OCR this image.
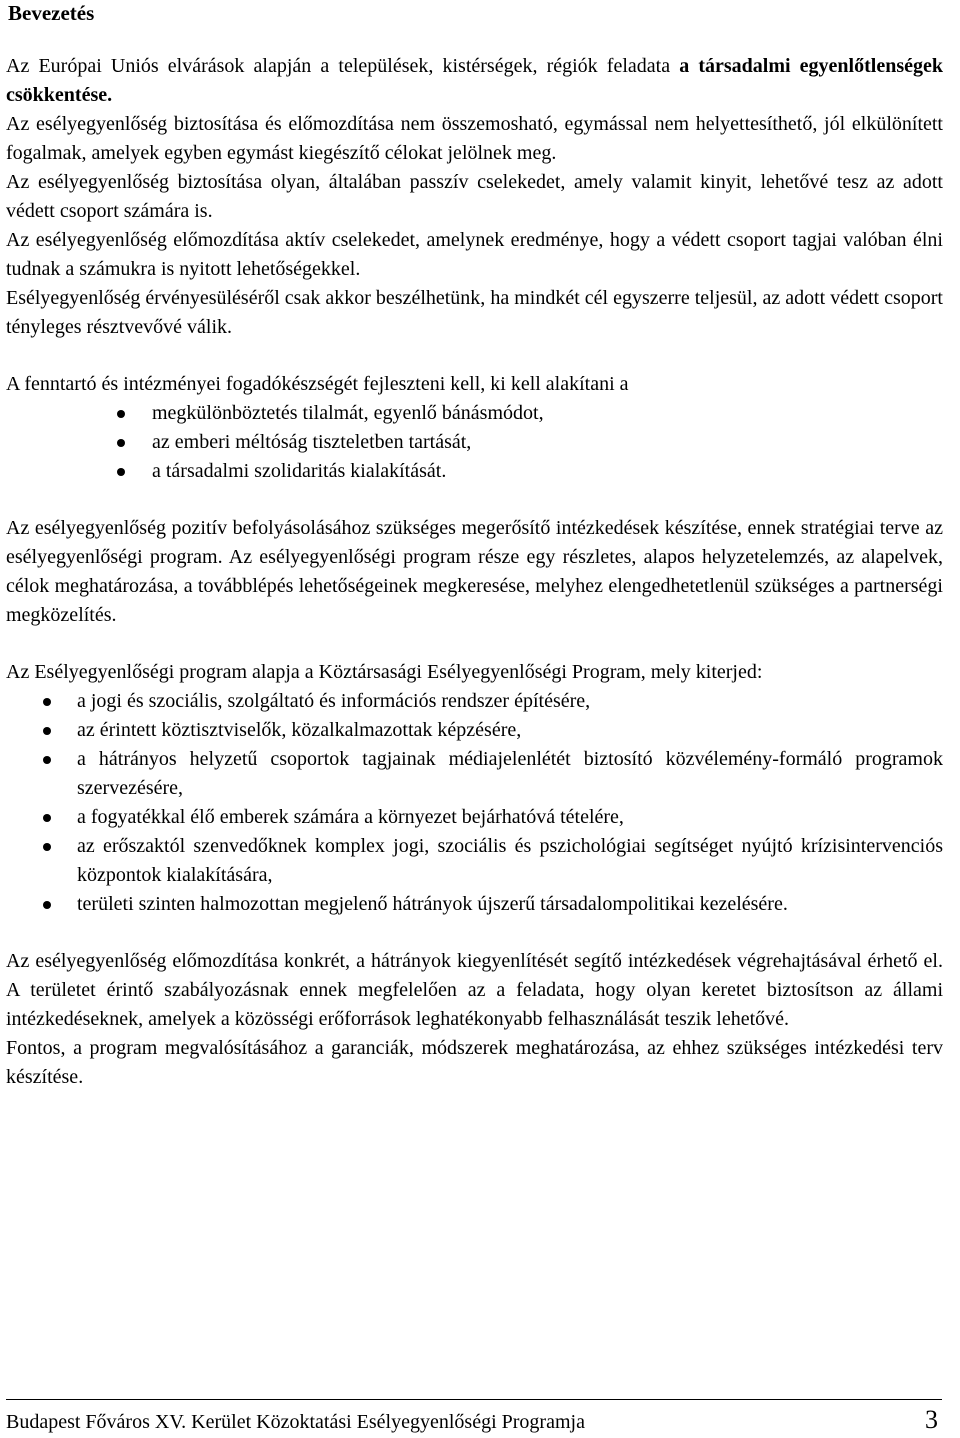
Bevezetés

Az Európai Uniós elvárások alapján a települések, kistérségek, régiók feladata a társadalmi egyenlőtlenségek csökkentése.

Az esélyegyenlőség biztosítása és előmozdítása nem összemosható, egymással nem helyettesíthető, jól elkülönített fogalmak, amelyek egyben egymást kiegészítő célokat jelölnek meg.

Az esélyegyenlőség biztosítása olyan, általában passzív cselekedet, amely valamit kinyit, lehetővé tesz az adott védett csoport számára is.

Az esélyegyenlőség előmozdítása aktív cselekedet, amelynek eredménye, hogy a védett csoport tagjai valóban élni tudnak a számukra is nyitott lehetőségekkel.

Esélyegyenlőség érvényesüléséről csak akkor beszélhetünk, ha mindkét cél egyszerre teljesül, az adott védett csoport tényleges résztvevővé válik.

A fenntartó és intézményei fogadókészségét fejleszteni kell, ki kell alakítani a

megkülönböztetés tilalmát, egyenlő bánásmódot,
az emberi méltóság tiszteletben tartását,
a társadalmi szolidaritás kialakítását.

Az esélyegyenlőség pozitív befolyásolásához szükséges megerősítő intézkedések készítése, ennek stratégiai terve az esélyegyenlőségi program. Az esélyegyenlőségi program része egy részletes, alapos helyzetelemzés, az alapelvek, célok meghatározása, a továbblépés lehetőségeinek megkeresése, melyhez elengedhetetlenül szükséges a partnerségi megközelítés.

Az Esélyegyenlőségi program alapja a Köztársasági Esélyegyenlőségi Program, mely kiterjed:

a jogi és szociális, szolgáltató és információs rendszer építésére,
az érintett köztisztviselők, közalkalmazottak képzésére,
a hátrányos helyzetű csoportok tagjainak médiajelenlétét biztosító közvélemény-formáló programok szervezésére,
a fogyatékkal élő emberek számára a környezet bejárhatóvá tételére,
az erőszaktól szenvedőknek komplex jogi, szociális és pszichológiai segítséget nyújtó krízisintervenciós központok kialakítására,
területi szinten halmozottan megjelenő hátrányok újszerű társadalompolitikai kezelésére.

Az esélyegyenlőség előmozdítása konkrét, a hátrányok kiegyenlítését segítő intézkedések végrehajtásával érhető el. A területet érintő szabályozásnak ennek megfelelően az a feladata, hogy olyan keretet biztosítson az állami intézkedéseknek, amelyek a közösségi erőforrások leghatékonyabb felhasználását teszik lehetővé.

Fontos, a program megvalósításához a garanciák, módszerek meghatározása, az ehhez szükséges intézkedési terv készítése.

Budapest Főváros XV. Kerület Közoktatási Esélyegyenlőségi Programja	3
